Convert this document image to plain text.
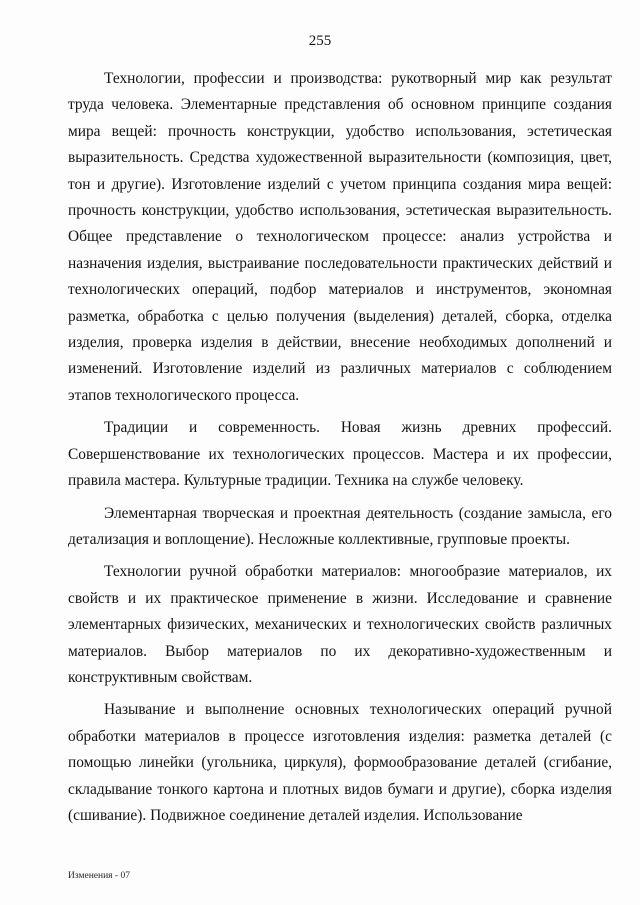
255

Технологии, профессии и производства: рукотворный мир как результат труда человека. Элементарные представления об основном принципе создания мира вещей: прочность конструкции, удобство использования, эстетическая выразительность. Средства художественной выразительности (композиция, цвет, тон и другие). Изготовление изделий с учетом принципа создания мира вещей: прочность конструкции, удобство использования, эстетическая выразительность. Общее представление о технологическом процессе: анализ устройства и назначения изделия, выстраивание последовательности практических действий и технологических операций, подбор материалов и инструментов, экономная разметка, обработка с целью получения (выделения) деталей, сборка, отделка изделия, проверка изделия в действии, внесение необходимых дополнений и изменений. Изготовление изделий из различных материалов с соблюдением этапов технологического процесса.

Традиции и современность. Новая жизнь древних профессий. Совершенствование их технологических процессов. Мастера и их профессии, правила мастера. Культурные традиции. Техника на службе человеку.

Элементарная творческая и проектная деятельность (создание замысла, его детализация и воплощение). Несложные коллективные, групповые проекты.

Технологии ручной обработки материалов: многообразие материалов, их свойств и их практическое применение в жизни. Исследование и сравнение элементарных физических, механических и технологических свойств различных материалов. Выбор материалов по их декоративно-художественным и конструктивным свойствам.

Называние и выполнение основных технологических операций ручной обработки материалов в процессе изготовления изделия: разметка деталей (с помощью линейки (угольника, циркуля), формообразование деталей (сгибание, складывание тонкого картона и плотных видов бумаги и другие), сборка изделия (сшивание). Подвижное соединение деталей изделия. Использование

Изменения - 07
